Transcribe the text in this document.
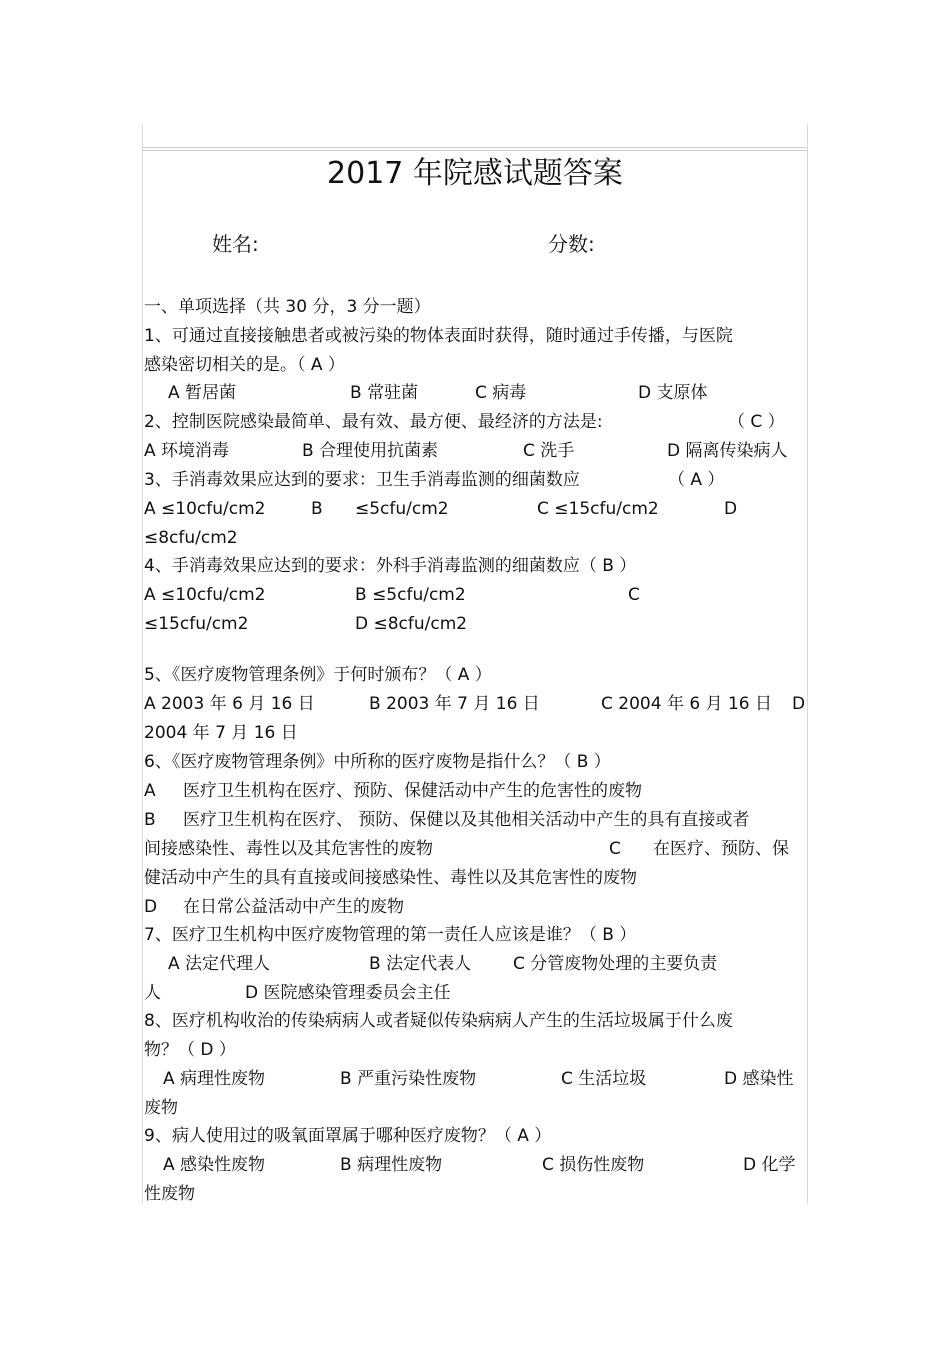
2017 年院感试题答案
姓名:	分数:
一、单项选择（共 30 分，3 分一题）
1、可通过直接接触患者或被污染的物体表面时获得，随时通过手传播，与医院
感染密切相关的是。（ A ）
A 暂居菌	B 常驻菌	C 病毒	D 支原体
2、控制医院感染最简单、最有效、最方便、最经济的方法是:	（ C ）
A 环境消毒	B 合理使用抗菌素	C 洗手	D 隔离传染病人
3、手消毒效果应达到的要求：卫生手消毒监测的细菌数应	（ A ）
A ≤10cfu/cm2	B ≤5cfu/cm2	C ≤15cfu/cm2	D
≤8cfu/cm2
4、手消毒效果应达到的要求：外科手消毒监测的细菌数应（ B ）
A ≤10cfu/cm2	B ≤5cfu/cm2	C
≤15cfu/cm2	D ≤8cfu/cm2
5、《医疗废物管理条例》于何时颁布？（ A ）
A 2003 年 6 月 16 日	B 2003 年 7 月 16 日	C 2004 年 6 月 16 日 D
2004 年 7 月 16 日
6、《医疗废物管理条例》中所称的医疗废物是指什么？（ B ）
A 医疗卫生机构在医疗、预防、保健活动中产生的危害性的废物
B 医疗卫生机构在医疗、 预防、保健以及其他相关活动中产生的具有直接或者
间接感染性、毒性以及其危害性的废物	C 在医疗、预防、保
健活动中产生的具有直接或间接感染性、毒性以及其危害性的废物
D 在日常公益活动中产生的废物
7、医疗卫生机构中医疗废物管理的第一责任人应该是谁？（ B ）
A 法定代理人	B 法定代表人 C 分管废物处理的主要负责
人	D 医院感染管理委员会主任
8、医疗机构收治的传染病病人或者疑似传染病病人产生的生活垃圾属于什么废
物？（ D ）
A 病理性废物	B 严重污染性废物	C 生活垃圾	D 感染性
废物
9、病人使用过的吸氧面罩属于哪种医疗废物？（ A ）
A 感染性废物	B 病理性废物	C 损伤性废物	D 化学
性废物
